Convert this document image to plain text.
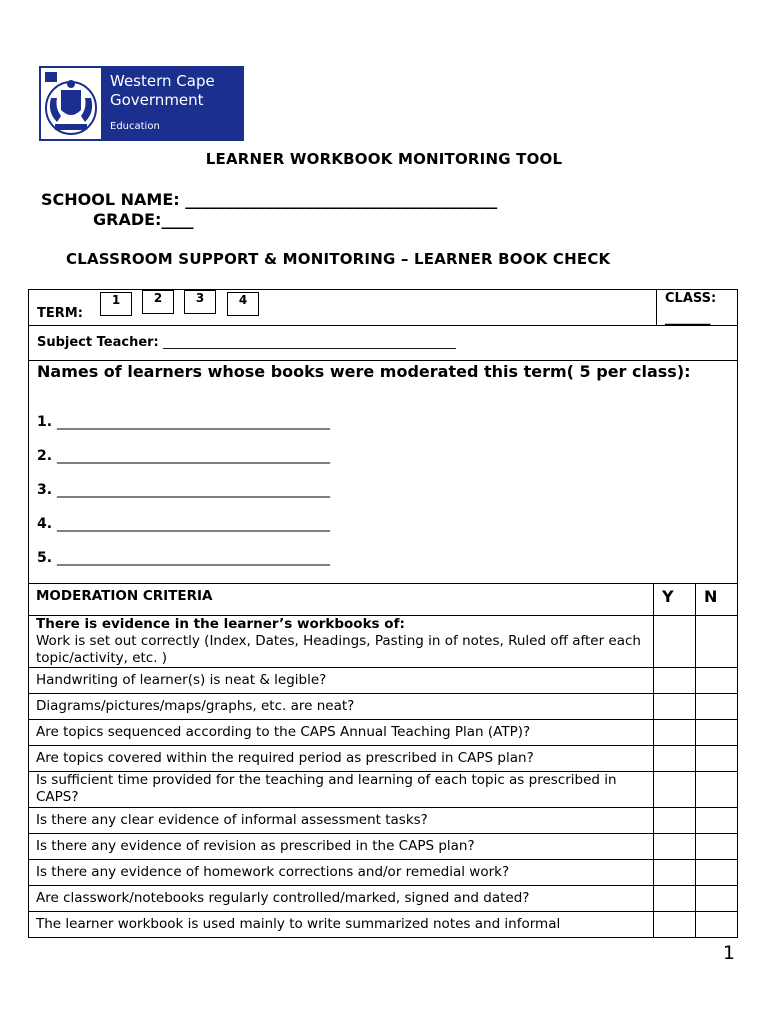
Western Cape
Government
Education
LEARNER WORKBOOK MONITORING TOOL
SCHOOL NAME: _______________________________________
GRADE:____
CLASSROOM SUPPORT & MONITORING – LEARNER BOOK CHECK
TERM:
1	2	3	4	CLASS:
_______
Subject Teacher: _____________________________________________
Names of learners whose books were moderated this term( 5 per class):
1. _______________________________________
2. _______________________________________
3. _______________________________________
4. _______________________________________
5. _______________________________________
MODERATION CRITERIA	Y	N

There is evidence in the learner’s workbooks of:
Work is set out correctly (Index, Dates, Headings, Pasting in of notes, Ruled off after each topic/activity, etc. )		

Handwriting of learner(s) is neat & legible?		
Diagrams/pictures/maps/graphs, etc. are neat?		
Are topics sequenced according to the CAPS Annual Teaching Plan (ATP)?		
Are topics covered within the required period as prescribed in CAPS plan?		
Is sufficient time provided for the teaching and learning of each topic as prescribed in CAPS?		
Is there any clear evidence of informal assessment tasks?		
Is there any evidence of revision as prescribed in the CAPS plan?		
Is there any evidence of homework corrections and/or remedial work?		
Are classwork/notebooks regularly controlled/marked, signed and dated?		
The learner workbook is used mainly to write summarized notes and informal		
1
